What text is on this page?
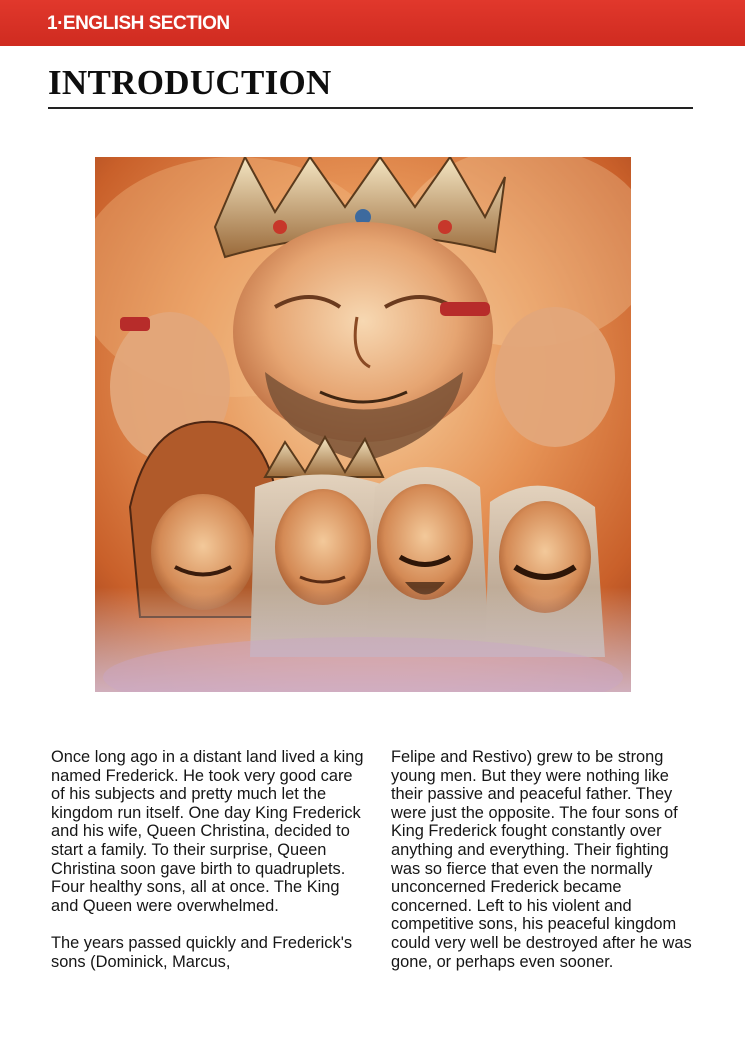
1·ENGLISH SECTION
INTRODUCTION

Once long ago in a distant land lived a king named Frederick. He took very good care of his subjects and pretty much let the kingdom run itself. One day King Frederick and his wife, Queen Christina, decided to start a family. To their surprise, Queen Christina soon gave birth to quadruplets. Four healthy sons, all at once. The King and Queen were overwhelmed.

The years passed quickly and Frederick's sons (Dominick, Marcus,

Felipe and Restivo) grew to be strong young men. But they were nothing like their passive and peaceful father. They were just the opposite. The four sons of King Frederick fought constantly over anything and everything. Their fighting was so fierce that even the normally unconcerned Frederick became concerned. Left to his violent and competitive sons, his peaceful kingdom could very well be destroyed after he was gone, or perhaps even sooner.
